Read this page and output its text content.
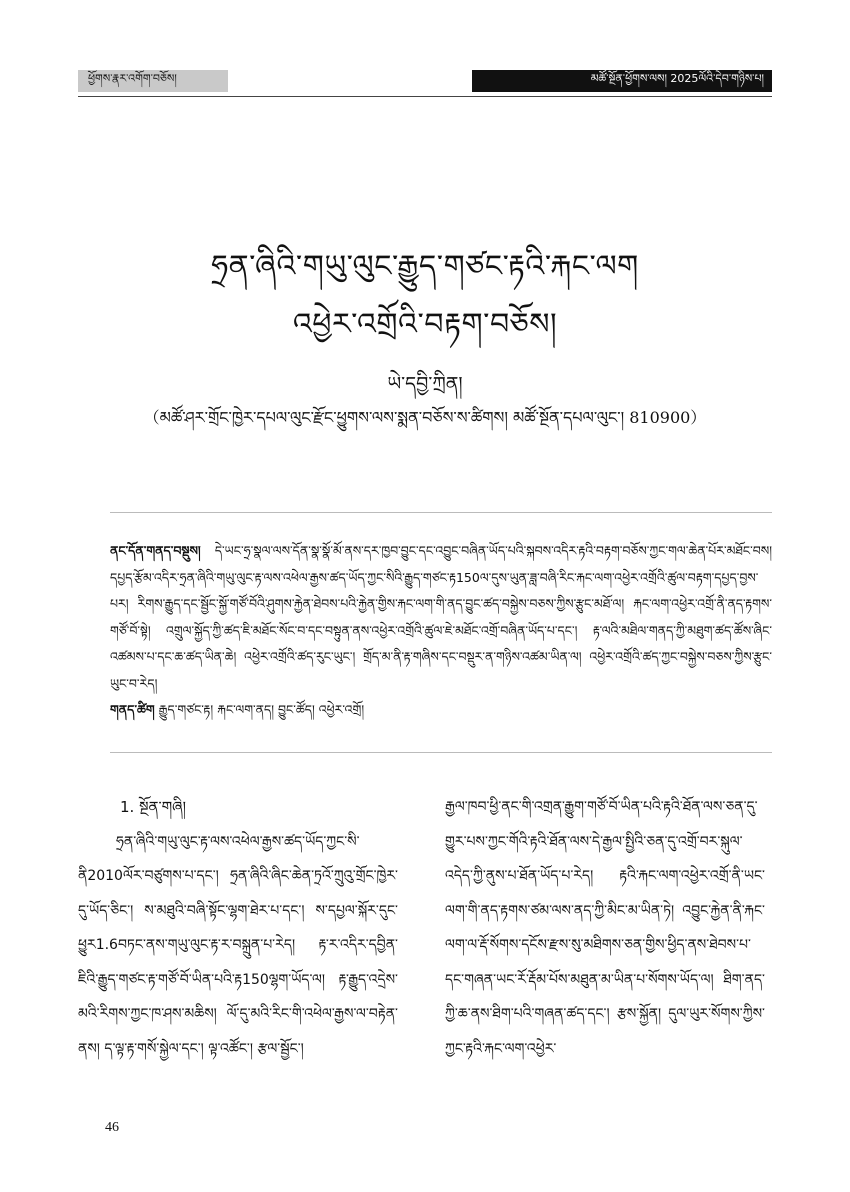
ཕྱོགས་རྣར་འགོག་བཅོས།	མཚོ་སྔོན་ཕྱོགས་ལས། 2025ལོའི་དེབ་གཉིས་པ།
ཧྲན་ཞིའི་གཡུ་ལུང་རྒྱུད་གཙང་རྟའི་རྐང་ལག
འཕྱེར་འགྲོའི་བརྟག་བཅོས།
ཡེ་དབྱི་ཀྲིན།
（མཚོ་ཤར་གྲོང་ཁྱེར་དཔལ་ལུང་རྫོང་ཕྱུགས་ལས་སྨན་བཅོས་ས་ཚིགས། མཚོ་སྔོན་དཔལ་ལུང་། 810900）

ནང་དོན་གནད་བསྡུས། དེ་ཡང་ཧྲ་སྣལ་ལས་དོན་སྣ་སྣོ་མོ་ནས་དར་ཁྱབ་བྱུང་དང་འབྱུང་བཞིན་ཡོད་པའི་སྐབས་འདིར་རྟའི་བརྟག་བཅོས་ཀྱང་གལ་ཆེན་པོར་མཐོང་བས། དཔྱད་རྩོམ་འདིར་ཧྲན་ཞིའི་གཡུ་ལུང་རྟ་ལས་འཕེལ་རྒྱས་ཚད་ཡོད་ཀྱང་སིའི་རྒྱུད་གཙང་རྟ150ལ་དུས་ཡུན་ཟླ་བཞི་རིང་རྐང་ལག་འཕྱེར་འགྲོའི་ཚུལ་བརྟག་དཔྱད་བྱས་པར། རིགས་རྒྱུད་དང་སྦྱོང་སྐྱོ་གཙོ་བོའི་ཤུགས་རྐྱེན་ཐེབས་པའི་རྐྱེན་གྱིས་རྐང་ལག་གི་ནད་བྱུང་ཚད་བསྐྱེས་བཅས་ཀྱིས་རྩུང་མཐོ་ལ། རྐང་ལག་འཕྱེར་འགྲོ་ནི་ནད་རྟགས་གཙོ་བོ་སྟེ། འགྲུལ་སྐྱོད་ཀྱི་ཚད་ཇི་མཐོང་སོང་བ་དང་བསྟུན་ནས་འཕྱེར་འགྲོའི་ཚུལ་ཇེ་མཐོང་འགྲོ་བཞིན་ཡོད་པ་དང་། རྟ་ལའི་མཐིལ་གནད་ཀྱི་མཐུག་ཚད་ཚོས་ཞིང་འཚམས་པ་དང་ཆ་ཚད་ཡིན་ཆེ། འཕྱེར་འགྲོའི་ཚད་རུང་ཡུང་། གྲོད་མ་ནི་རྟ་གཞིས་དང་བསྡུར་ན་གཉིས་འཚམ་ཡིན་ལ། འཕྱེར་འགྲོའི་ཚད་ཀྱང་བསྐྱེས་བཅས་ཀྱིས་རྩུང་ཡུང་བ་རེད།

གནད་ཚིག རྒྱུད་གཙང་རྟ། རྐང་ལག་ནད། བྱུང་ཚོད། འཕྱེར་འགྲོ།

1. སྔོན་གཞི།

ཧྲན་ཞིའི་གཡུ་ལུང་རྟ་ལས་འཕེལ་རྒྱས་ཚད་ཡོད་ཀྱང་སི་ནི2010ལོར་བཙུགས་པ་དང་། ཧྲན་ཞིའི་ཞིང་ཆེན་ཏྲའོ་ཀྲུའུ་གྲོང་ཁྱེར་དུ་ཡོད་ཅིང་། ས་མཐུའི་བཞི་སྟོང་ལྷག་ཐེར་པ་དང་། ས་དཔྱལ་སྐོར་དུང་ཕྱུར1.6བཏང་ནས་གཡུ་ལུང་རྟ་ར་བསྐྲུན་པ་རེད། རྟ་ར་འདིར་དབྱིན་ཇིའི་རྒྱུད་གཙང་རྟ་གཙོ་བོ་ཡིན་པའི་རྟ150ལྷག་ཡོད་ལ། རྟ་རྒྱུད་འདྲེས་མའི་རིགས་ཀྱང་ཁ་ཤས་མཆིས། ལོ་དུ་མའི་རིང་གི་འཕེལ་རྒྱས་ལ་བརྟེན་ནས། ད་ལྟ་རྟ་གསོ་སྐྱེལ་དང་། ལྟ་འཚོང་། རྩལ་སྦྱོང་།

རྒྱལ་ཁབ་ཕྱི་ནང་གི་འགྲན་རྒྱུག་གཙོ་བོ་ཡིན་པའི་རྟའི་ཐོན་ལས་ཅན་དུ་གྱུར་པས་ཀྱང་གོའི་རྟའི་ཐོན་ལས་དེ་རྒྱལ་སྤྱིའི་ཅན་དུ་འགྲོ་བར་སྐུལ་འདེད་ཀྱི་ནུས་པ་ཐོན་ཡོད་པ་རེད། རྟའི་རྐང་ལག་འཕྱེར་འགྲོ་ནི་ཡང་ལག་གི་ནད་རྟགས་ཙམ་ལས་ནད་ཀྱི་མིང་མ་ཡིན་ཏེ། འབྱུང་རྐྱེན་ནི་རྐང་ལག་ལ་རྡོ་སོགས་དངོས་རྫས་སུ་མཐིགས་ཅན་གྱིས་ཕྱིད་ནས་ཐེབས་པ་དང་གཞན་ཡང་རོ་རྡོམ་པོས་མཐུན་མ་ཡིན་པ་སོགས་ཡོད་ལ། ཐིག་ནད་ཀྱི་ཆ་ནས་ཐིག་པའི་གཞན་ཚད་དང་། རྩས་སྐྱོན། དུལ་ཡུར་སོགས་ཀྱིས་ཀྱང་རྟའི་རྐང་ལག་འཕྱེར་

46
